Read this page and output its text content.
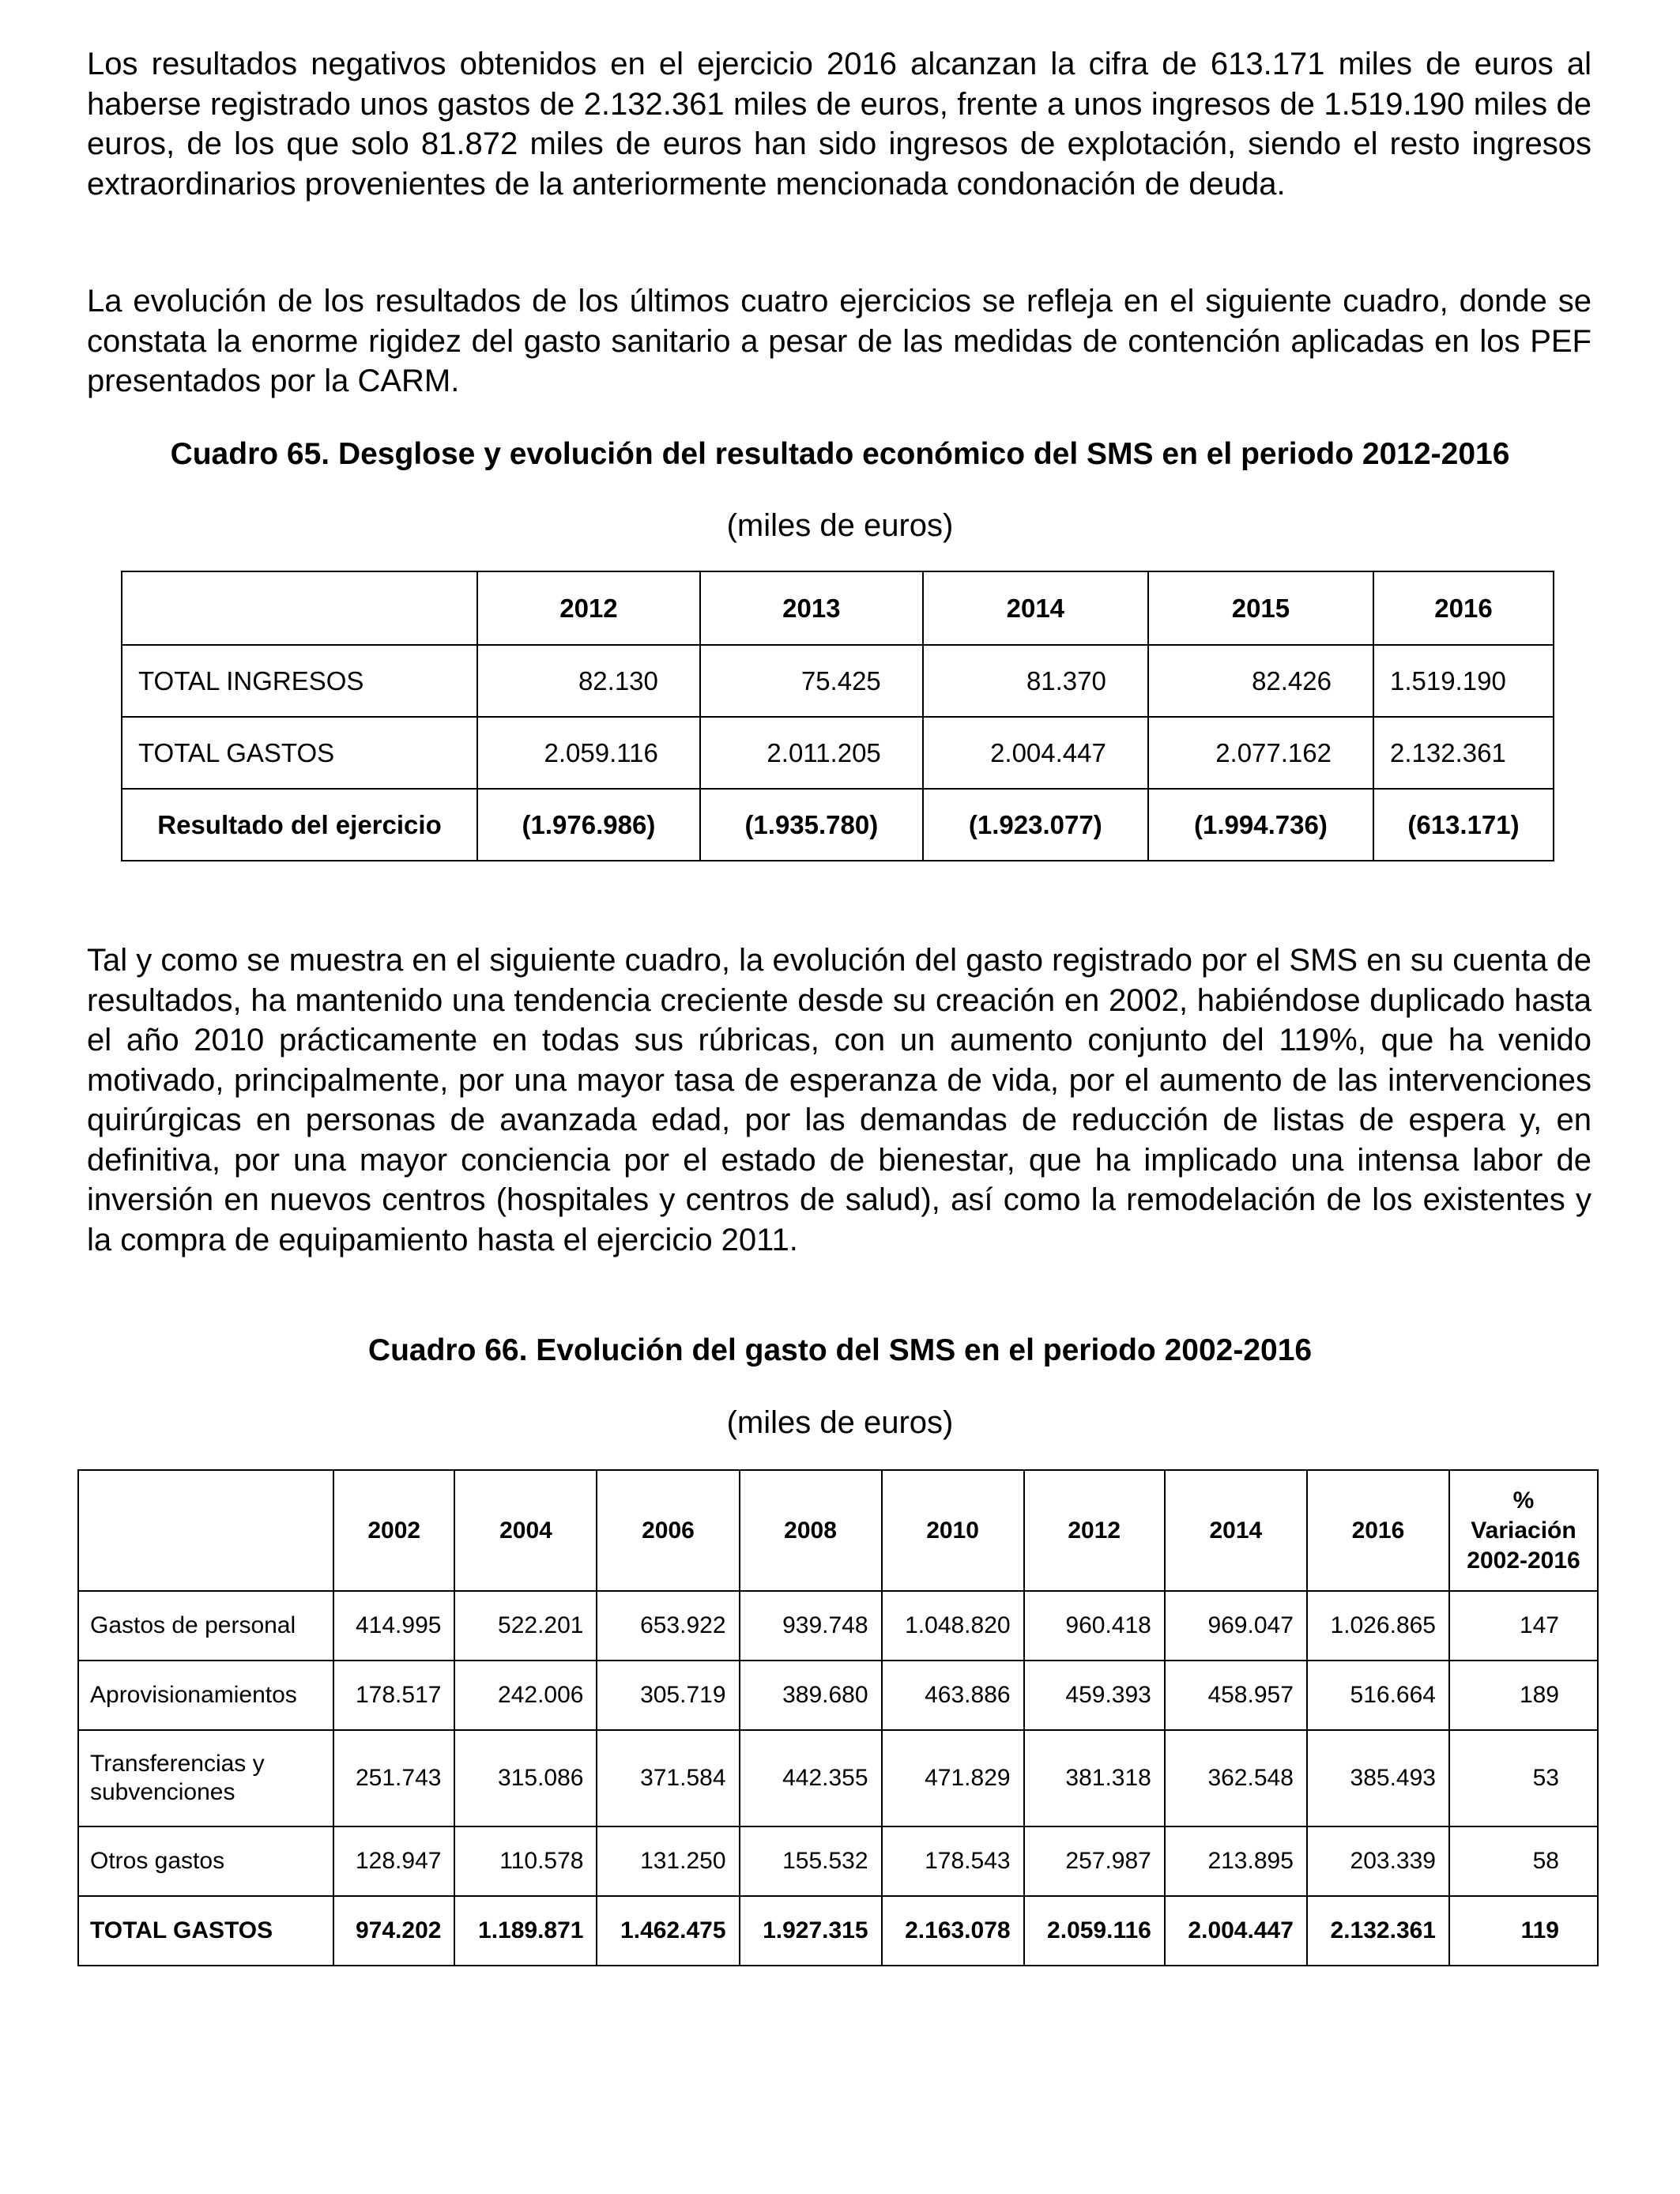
Los resultados negativos obtenidos en el ejercicio 2016 alcanzan la cifra de 613.171 miles de euros al haberse registrado unos gastos de 2.132.361 miles de euros, frente a unos ingresos de 1.519.190 miles de euros, de los que solo 81.872 miles de euros han sido ingresos de explotación, siendo el resto ingresos extraordinarios provenientes de la anteriormente mencionada condonación de deuda.

La evolución de los resultados de los últimos cuatro ejercicios se refleja en el siguiente cuadro, donde se constata la enorme rigidez del gasto sanitario a pesar de las medidas de contención aplicadas en los PEF presentados por la CARM.

Cuadro 65. Desglose y evolución del resultado económico del SMS en el periodo 2012-2016

(miles de euros)

	2012	2013	2014	2015	2016
TOTAL INGRESOS	82.130	75.425	81.370	82.426	1.519.190
TOTAL GASTOS	2.059.116	2.011.205	2.004.447	2.077.162	2.132.361
Resultado del ejercicio	(1.976.986)	(1.935.780)	(1.923.077)	(1.994.736)	(613.171)

Tal y como se muestra en el siguiente cuadro, la evolución del gasto registrado por el SMS en su cuenta de resultados, ha mantenido una tendencia creciente desde su creación en 2002, habiéndose duplicado hasta el año 2010 prácticamente en todas sus rúbricas, con un aumento conjunto del 119%, que ha venido motivado, principalmente, por una mayor tasa de esperanza de vida, por el aumento de las intervenciones quirúrgicas en personas de avanzada edad, por las demandas de reducción de listas de espera y, en definitiva, por una mayor conciencia por el estado de bienestar, que ha implicado una intensa labor de inversión en nuevos centros (hospitales y centros de salud), así como la remodelación de los existentes y la compra de equipamiento hasta el ejercicio 2011.

Cuadro 66. Evolución del gasto del SMS en el periodo 2002-2016

(miles de euros)

	2002	2004	2006	2008	2010	2012	2014	2016	%
Variación
2002-2016
Gastos de personal	414.995	522.201	653.922	939.748	1.048.820	960.418	969.047	1.026.865	147
Aprovisionamientos	178.517	242.006	305.719	389.680	463.886	459.393	458.957	516.664	189
Transferencias y
subvenciones	251.743	315.086	371.584	442.355	471.829	381.318	362.548	385.493	53
Otros gastos	128.947	110.578	131.250	155.532	178.543	257.987	213.895	203.339	58
TOTAL GASTOS	974.202	1.189.871	1.462.475	1.927.315	2.163.078	2.059.116	2.004.447	2.132.361	119
